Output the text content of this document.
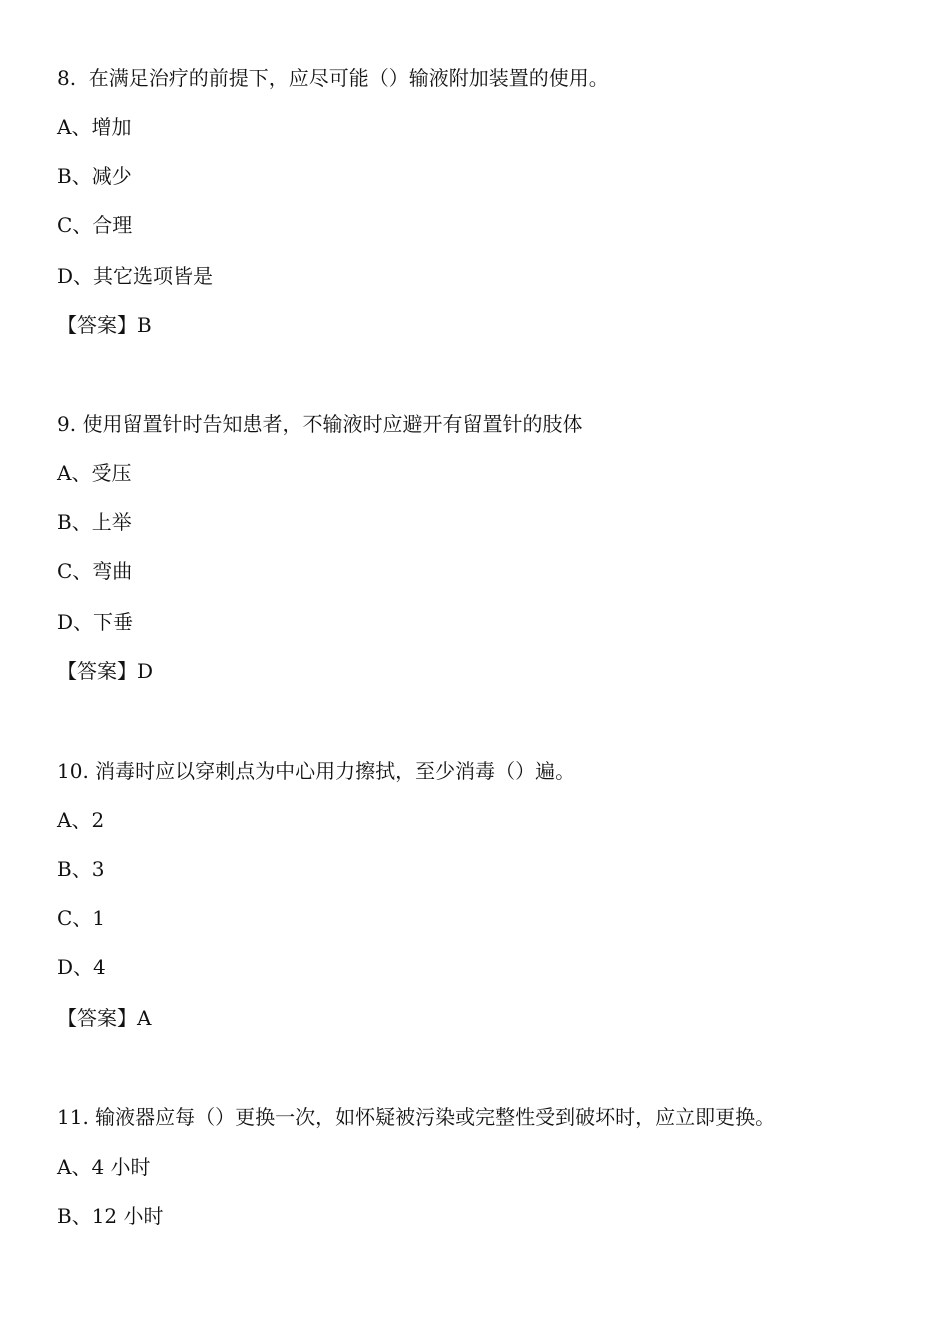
8.  在满足治疗的前提下，应尽可能（）输液附加装置的使用。
A、增加
B、减少
C、合理
D、其它选项皆是
【答案】B
9. 使用留置针时告知患者，不输液时应避开有留置针的肢体
A、受压
B、上举
C、弯曲
D、下垂
【答案】D
10. 消毒时应以穿刺点为中心用力擦拭，至少消毒（）遍。
A、2
B、3
C、1
D、4
【答案】A
11. 输液器应每（）更换一次，如怀疑被污染或完整性受到破坏时，应立即更换。
A、4 小时
B、12 小时
